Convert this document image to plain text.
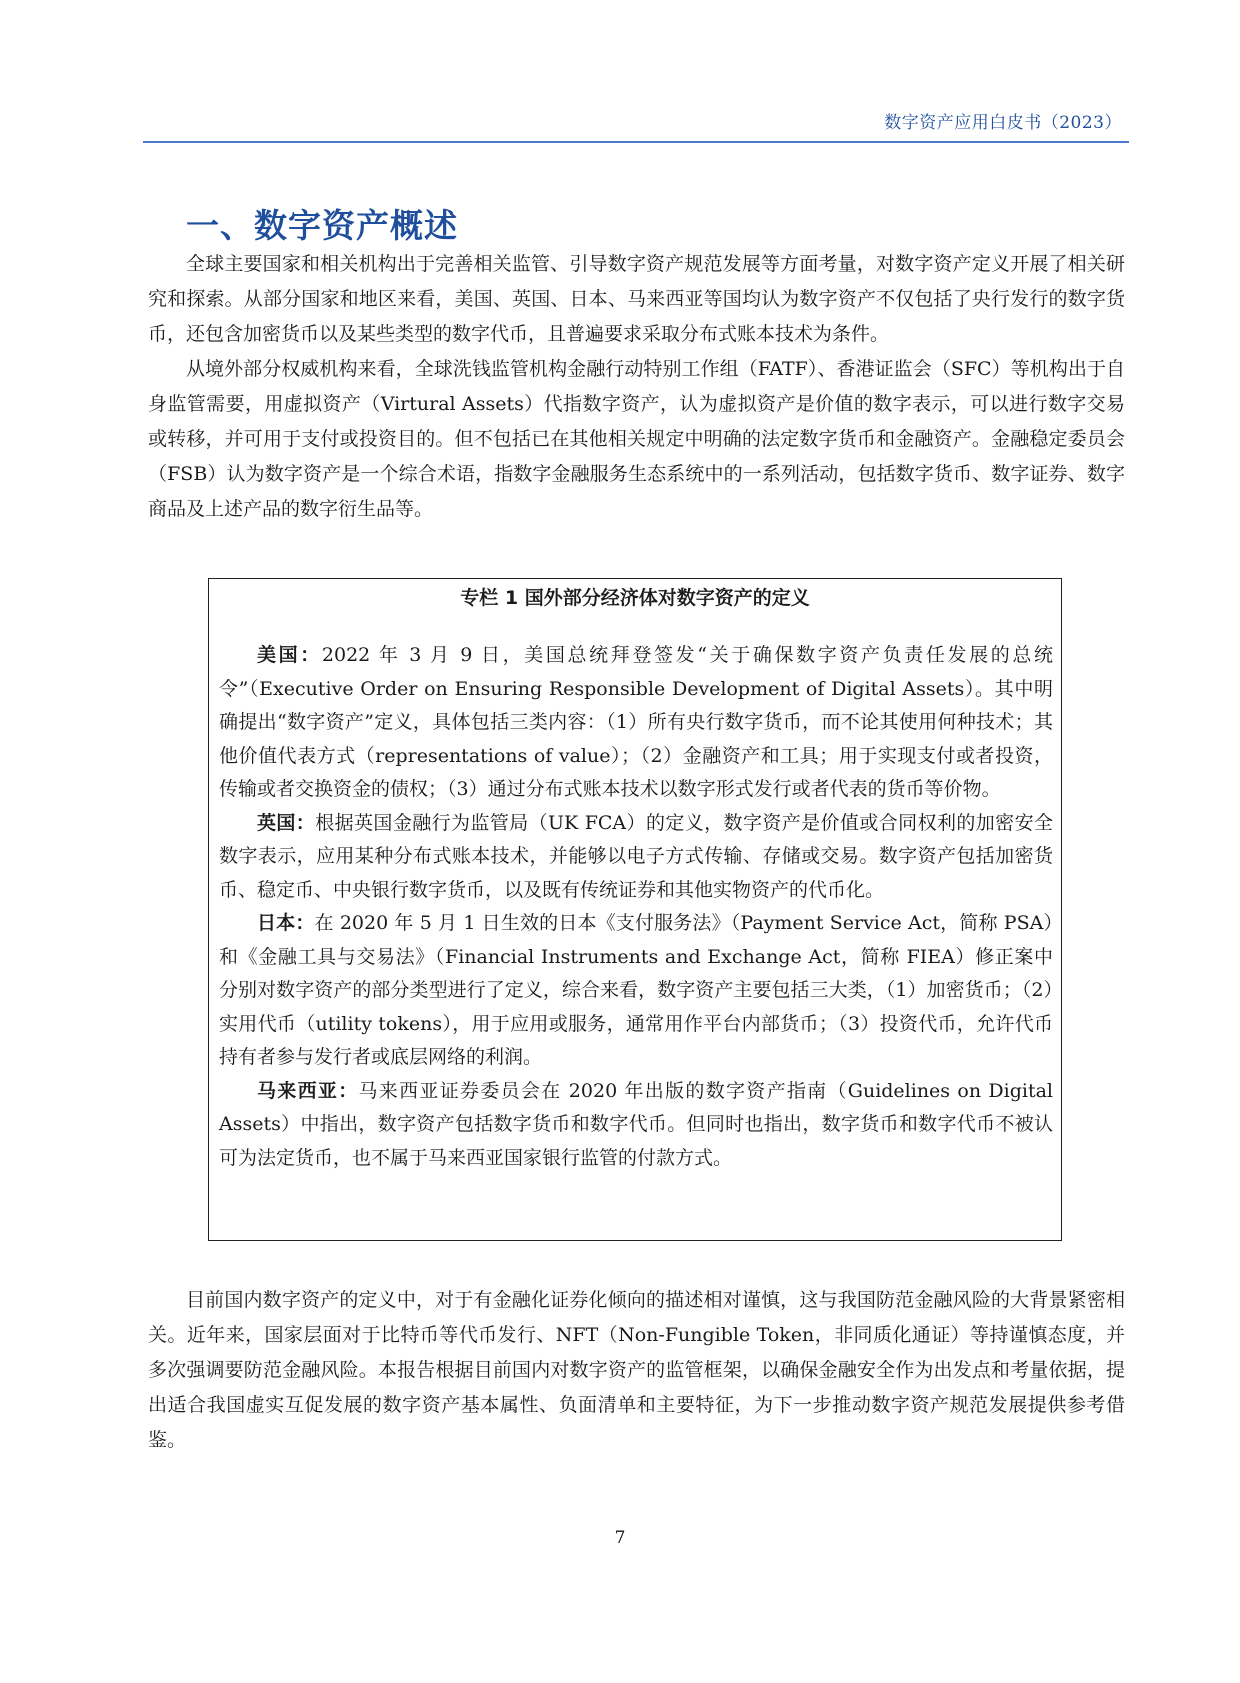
数字资产应用白皮书（2023）
一、数字资产概述

全球主要国家和相关机构出于完善相关监管、引导数字资产规范发展等方面考量，对数字资产定义开展了相关研究和探索。从部分国家和地区来看，美国、英国、日本、马来西亚等国均认为数字资产不仅包括了央行发行的数字货币，还包含加密货币以及某些类型的数字代币，且普遍要求采取分布式账本技术为条件。

从境外部分权威机构来看，全球洗钱监管机构金融行动特别工作组（FATF）、香港证监会（SFC）等机构出于自身监管需要，用虚拟资产（Virtural Assets）代指数字资产，认为虚拟资产是价值的数字表示，可以进行数字交易或转移，并可用于支付或投资目的。但不包括已在其他相关规定中明确的法定数字货币和金融资产。金融稳定委员会（FSB）认为数字资产是一个综合术语，指数字金融服务生态系统中的一系列活动，包括数字货币、数字证券、数字商品及上述产品的数字衍生品等。

专栏 1 国外部分经济体对数字资产的定义

美国：2022 年 3 月 9 日，美国总统拜登签发“关于确保数字资产负责任发展的总统令”（Executive Order on Ensuring Responsible Development of Digital Assets）。其中明确提出“数字资产”定义，具体包括三类内容：（1）所有央行数字货币，而不论其使用何种技术；其他价值代表方式（representations of value）；（2）金融资产和工具；用于实现支付或者投资，传输或者交换资金的债权；（3）通过分布式账本技术以数字形式发行或者代表的货币等价物。

英国：根据英国金融行为监管局（UK FCA）的定义，数字资产是价值或合同权利的加密安全数字表示，应用某种分布式账本技术，并能够以电子方式传输、存储或交易。数字资产包括加密货币、稳定币、中央银行数字货币，以及既有传统证券和其他实物资产的代币化。

日本：在 2020 年 5 月 1 日生效的日本《支付服务法》（Payment Service Act，简称 PSA）和《金融工具与交易法》（Financial Instruments and Exchange Act，简称 FIEA）修正案中分别对数字资产的部分类型进行了定义，综合来看，数字资产主要包括三大类，（1）加密货币；（2）实用代币（utility tokens），用于应用或服务，通常用作平台内部货币；（3）投资代币，允许代币持有者参与发行者或底层网络的利润。

马来西亚：马来西亚证券委员会在 2020 年出版的数字资产指南（Guidelines on Digital Assets）中指出，数字资产包括数字货币和数字代币。但同时也指出，数字货币和数字代币不被认可为法定货币，也不属于马来西亚国家银行监管的付款方式。

目前国内数字资产的定义中，对于有金融化证券化倾向的描述相对谨慎，这与我国防范金融风险的大背景紧密相关。近年来，国家层面对于比特币等代币发行、NFT（Non-Fungible Token，非同质化通证）等持谨慎态度，并多次强调要防范金融风险。本报告根据目前国内对数字资产的监管框架，以确保金融安全作为出发点和考量依据，提出适合我国虚实互促发展的数字资产基本属性、负面清单和主要特征，为下一步推动数字资产规范发展提供参考借鉴。

7
